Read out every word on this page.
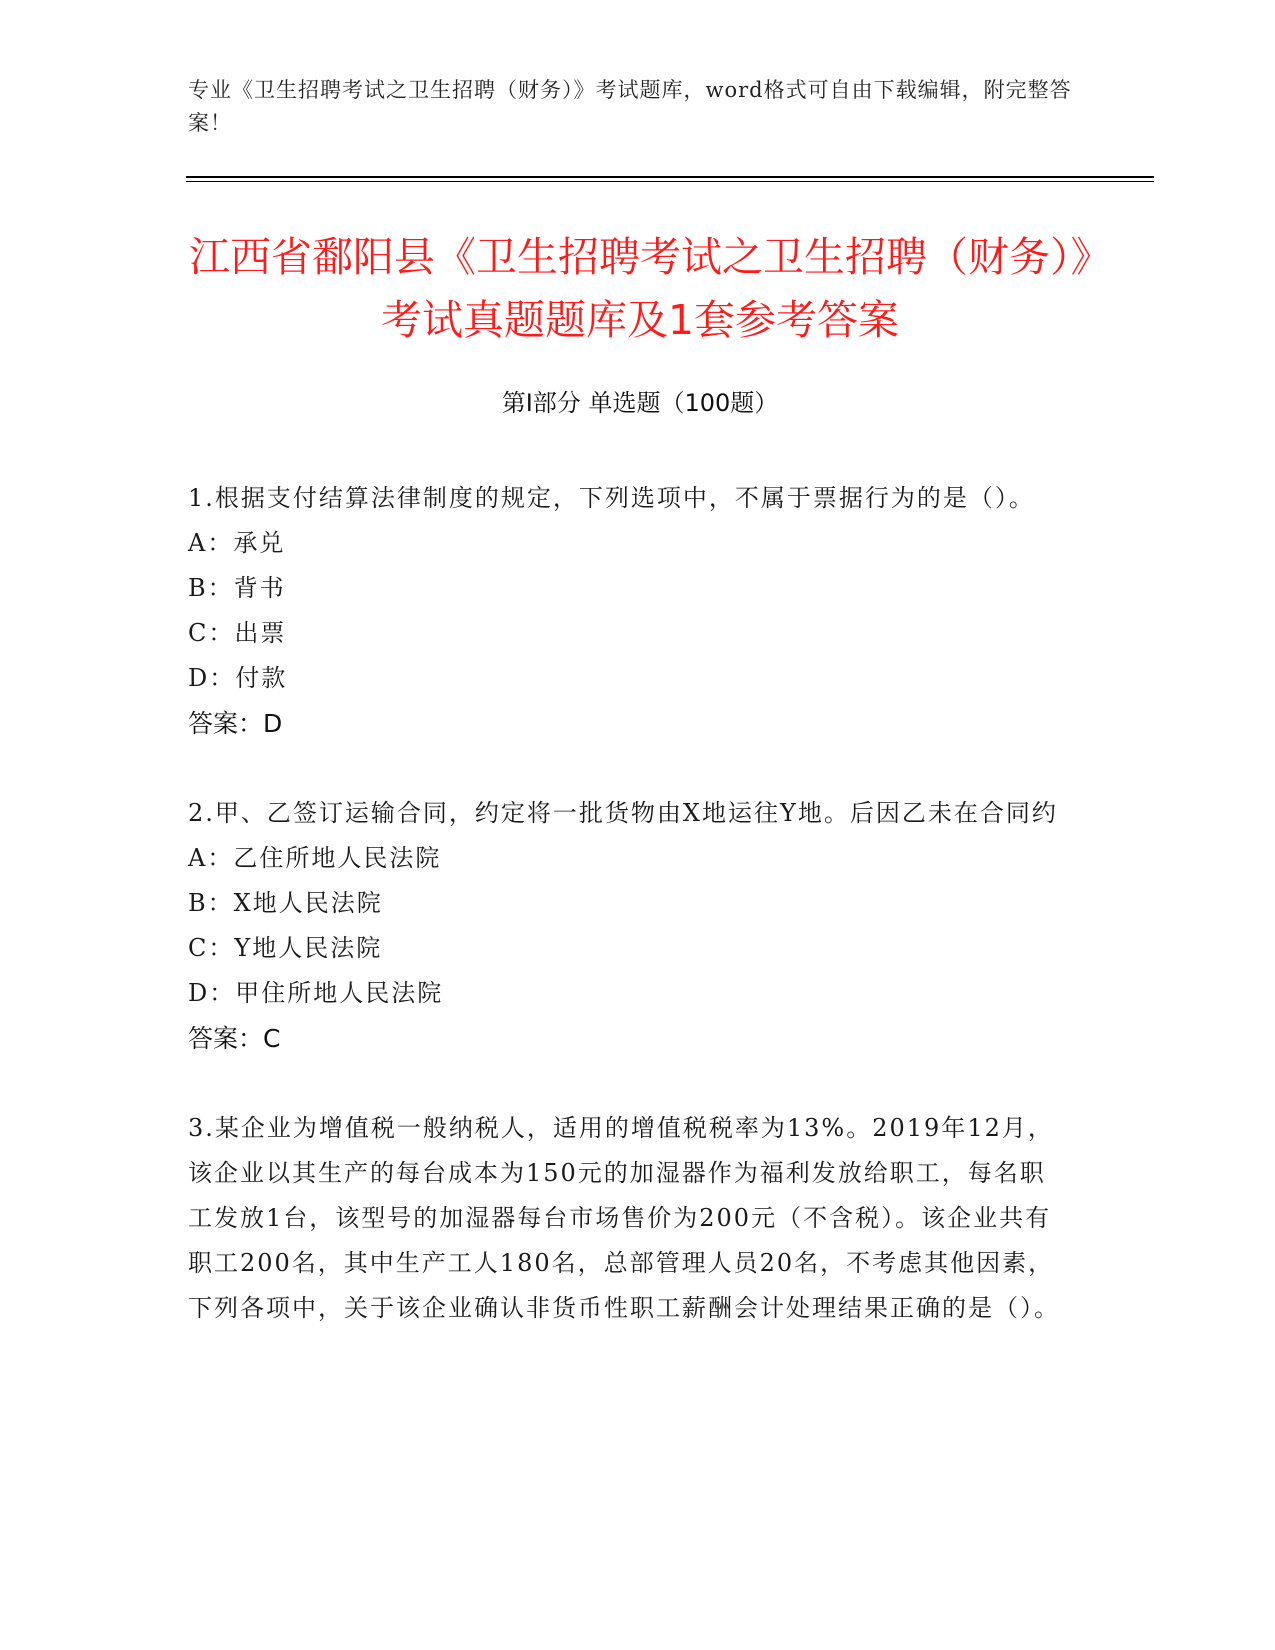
专业《卫生招聘考试之卫生招聘（财务）》考试题库，word格式可自由下载编辑，附完整答案！
江西省鄱阳县《卫生招聘考试之卫生招聘（财务）》考试真题题库及1套参考答案
第Ⅰ部分 单选题（100题）

1.根据支付结算法律制度的规定，下列选项中，不属于票据行为的是（）。

A：承兑

B：背书

C：出票

D：付款

答案：D

2.甲、乙签订运输合同，约定将一批货物由X地运往Y地。后因乙未在合同约

A：乙住所地人民法院

B：X地人民法院

C：Y地人民法院

D：甲住所地人民法院

答案：C

3.某企业为增值税一般纳税人，适用的增值税税率为13%。2019年12月，该企业以其生产的每台成本为150元的加湿器作为福利发放给职工，每名职工发放1台，该型号的加湿器每台市场售价为200元（不含税）。该企业共有职工200名，其中生产工人180名，总部管理人员20名，不考虑其他因素，下列各项中，关于该企业确认非货币性职工薪酬会计处理结果正确的是（）。
